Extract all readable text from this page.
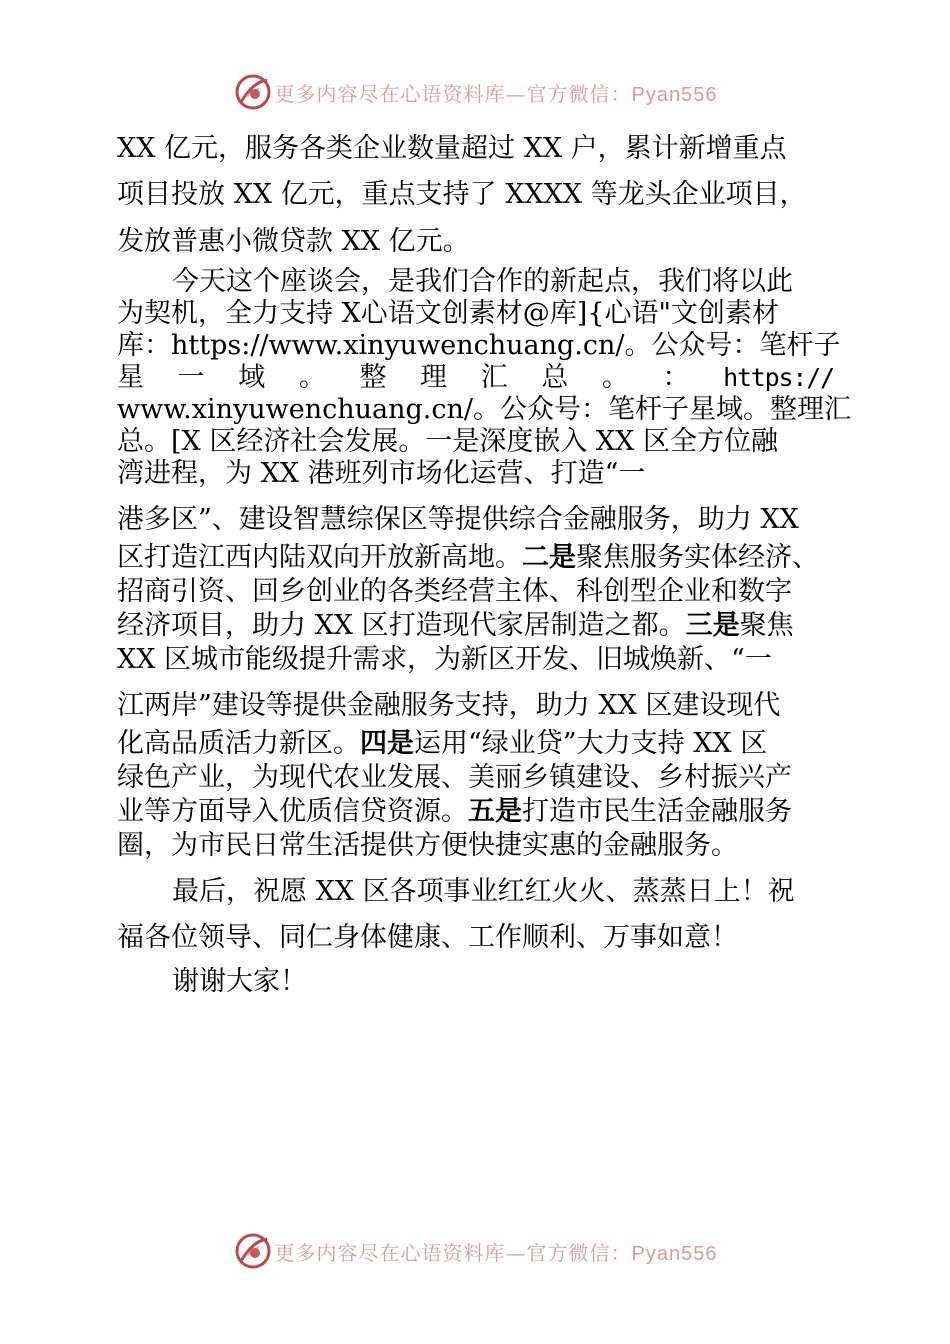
更多内容尽在心语资料库—官方微信：Pyan556
XX 亿元，服务各类企业数量超过 XX 户，累计新增重点
项目投放 XX 亿元，重点支持了 XXXX 等龙头企业项目，
发放普惠小微贷款 XX 亿元。
今天这个座谈会，是我们合作的新起点，我们将以此
为契机，全力支持 X心语文创素材@库]{心语"文创素材
库：https://www.xinyuwenchuang.cn/。公众号：笔杆子
星 一 域 。 整 理 汇 总 。 ： https://
www.xinyuwenchuang.cn/。公众号：笔杆子星域。整理汇
总。[X 区经济社会发展。一是深度嵌入 XX 区全方位融
湾进程，为 XX 港班列市场化运营、打造“一
港多区”、建设智慧综保区等提供综合金融服务，助力 XX
区打造江西内陆双向开放新高地。二是聚焦服务实体经济、
招商引资、回乡创业的各类经营主体、科创型企业和数字
经济项目，助力 XX 区打造现代家居制造之都。三是聚焦
XX 区城市能级提升需求，为新区开发、旧城焕新、“一
江两岸”建设等提供金融服务支持，助力 XX 区建设现代
化高品质活力新区。四是运用“绿业贷”大力支持 XX 区
绿色产业，为现代农业发展、美丽乡镇建设、乡村振兴产
业等方面导入优质信贷资源。五是打造市民生活金融服务
圈，为市民日常生活提供方便快捷实惠的金融服务。
最后，祝愿 XX 区各项事业红红火火、蒸蒸日上！祝
福各位领导、同仁身体健康、工作顺利、万事如意！
谢谢大家！
更多内容尽在心语资料库—官方微信：Pyan556
